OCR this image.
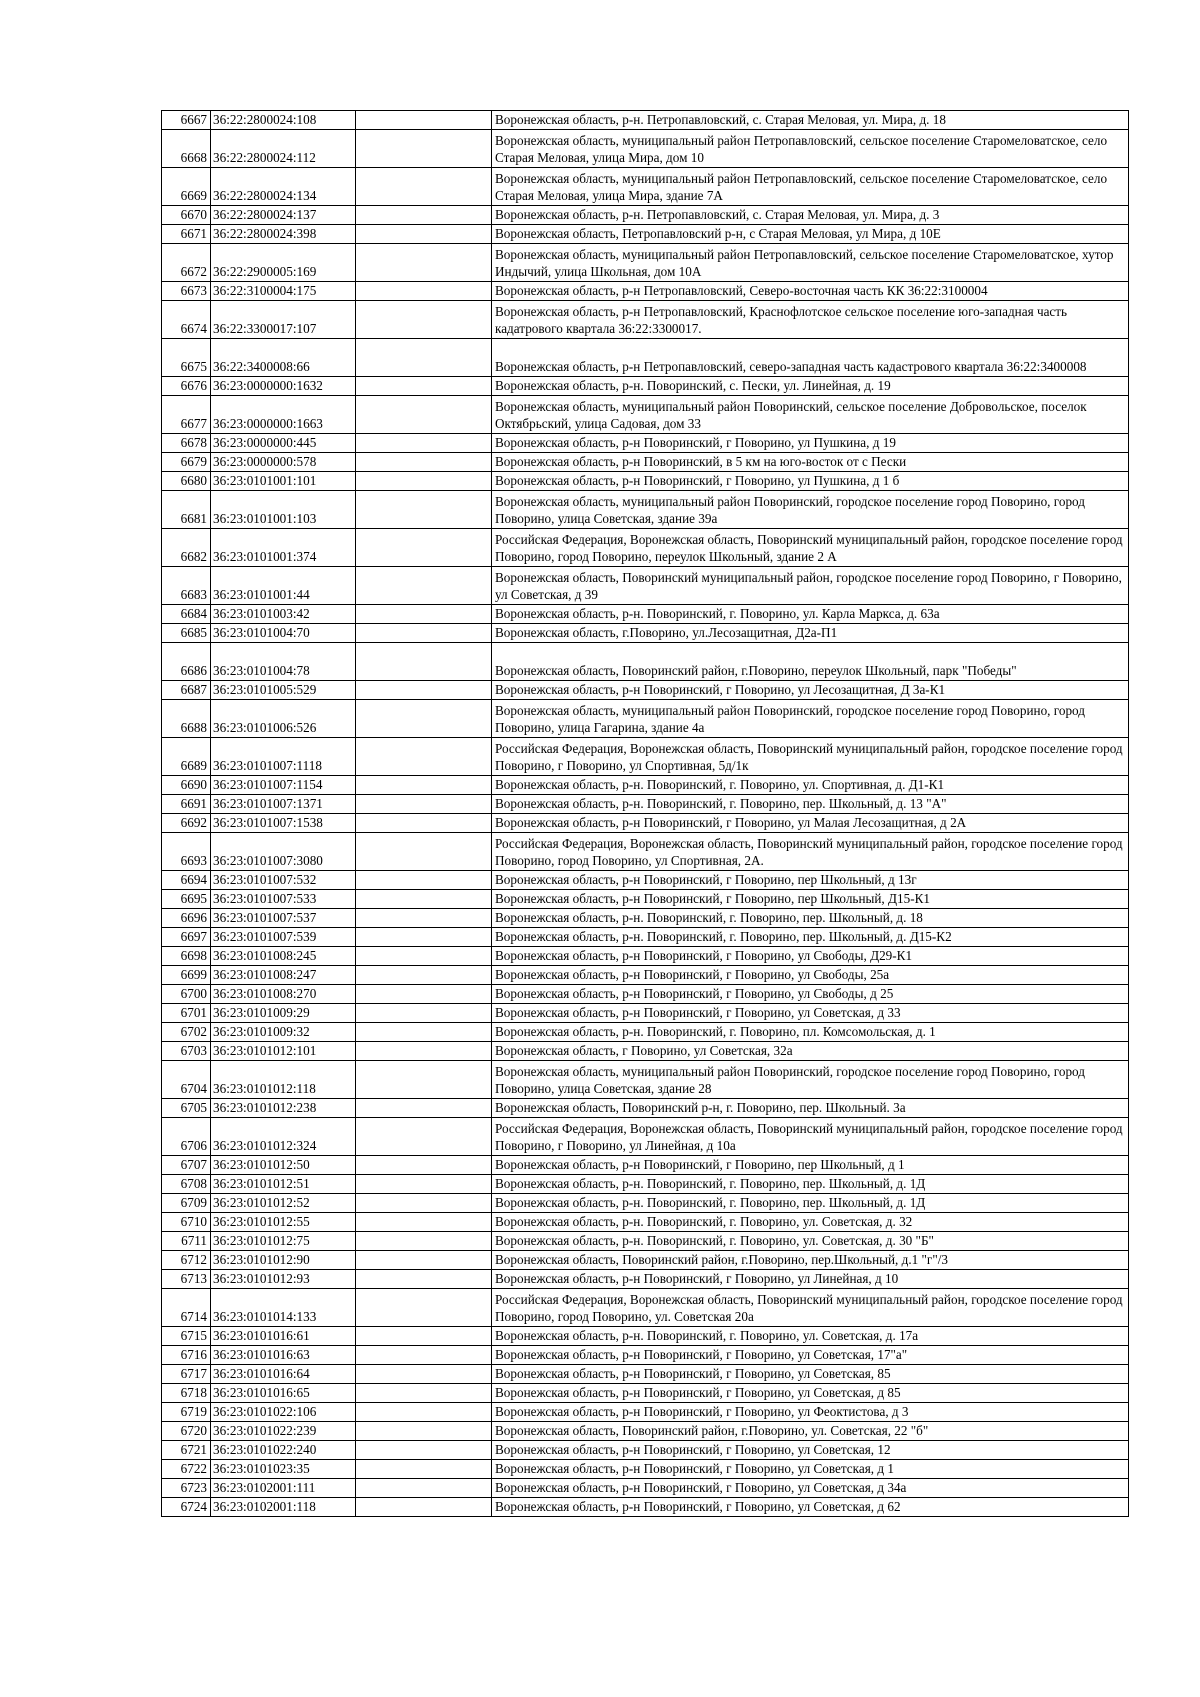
6667	36:22:2800024:108		Воронежская область, р-н. Петропавловский, с. Старая Меловая, ул. Мира, д. 18
6668	36:22:2800024:112		Воронежская область, муниципальный район Петропавловский, сельское поселение Старомеловатское, село Старая Меловая, улица Мира, дом 10
6669	36:22:2800024:134		Воронежская область, муниципальный район Петропавловский, сельское поселение Старомеловатское, село Старая Меловая, улица Мира, здание 7А
6670	36:22:2800024:137		Воронежская область, р-н. Петропавловский, с. Старая Меловая, ул. Мира, д. 3
6671	36:22:2800024:398		Воронежская область, Петропавловский р-н, с Старая Меловая, ул Мира, д 10Е
6672	36:22:2900005:169		Воронежская область, муниципальный район Петропавловский, сельское поселение Старомеловатское, хутор Индычий, улица Школьная, дом 10А
6673	36:22:3100004:175		Воронежская область, р-н Петропавловский, Северо-восточная часть КК 36:22:3100004
6674	36:22:3300017:107		Воронежская область, р-н Петропавловский, Краснофлотское сельское поселение юго-западная часть кадатрового квартала 36:22:3300017.
6675	36:22:3400008:66		Воронежская область, р-н Петропавловский, северо-западная часть кадастрового квартала 36:22:3400008
6676	36:23:0000000:1632		Воронежская область, р-н. Поворинский, с. Пески, ул. Линейная, д. 19
6677	36:23:0000000:1663		Воронежская область, муниципальный район Поворинский, сельское поселение Добровольское, поселок Октябрьский, улица Садовая, дом 33
6678	36:23:0000000:445		Воронежская область, р-н Поворинский, г Поворино, ул Пушкина, д 19
6679	36:23:0000000:578		Воронежская область, р-н Поворинский, в 5 км на юго-восток от с Пески
6680	36:23:0101001:101		Воронежская область, р-н Поворинский, г Поворино, ул Пушкина, д 1 б
6681	36:23:0101001:103		Воронежская область, муниципальный район Поворинский, городское поселение город Поворино, город Поворино, улица Советская, здание 39а
6682	36:23:0101001:374		Российская Федерация, Воронежская область, Поворинский муниципальный район, городское поселение город Поворино, город Поворино, переулок Школьный, здание 2 А
6683	36:23:0101001:44		Воронежская область, Поворинский муниципальный район, городское поселение город Поворино, г Поворино, ул Советская, д 39
6684	36:23:0101003:42		Воронежская область, р-н. Поворинский, г. Поворино, ул. Карла Маркса, д. 63а
6685	36:23:0101004:70		Воронежская область, г.Поворино, ул.Лесозащитная, Д2а-П1
6686	36:23:0101004:78		Воронежская область, Поворинский район, г.Поворино, переулок Школьный, парк "Победы"
6687	36:23:0101005:529		Воронежская область, р-н Поворинский, г Поворино, ул Лесозащитная, Д 3а-К1
6688	36:23:0101006:526		Воронежская область, муниципальный район Поворинский, городское поселение город Поворино, город Поворино, улица Гагарина, здание 4а
6689	36:23:0101007:1118		Российская Федерация, Воронежская область, Поворинский муниципальный район, городское поселение город Поворино, г Поворино, ул Спортивная, 5д/1к
6690	36:23:0101007:1154		Воронежская область, р-н. Поворинский, г. Поворино, ул. Спортивная, д. Д1-К1
6691	36:23:0101007:1371		Воронежская область, р-н. Поворинский, г. Поворино, пер. Школьный, д. 13 "А"
6692	36:23:0101007:1538		Воронежская область, р-н Поворинский, г Поворино, ул Малая Лесозащитная, д 2А
6693	36:23:0101007:3080		Российская Федерация, Воронежская область, Поворинский муниципальный район, городское поселение город Поворино, город Поворино, ул Спортивная, 2А.
6694	36:23:0101007:532		Воронежская область, р-н Поворинский, г Поворино, пер Школьный, д 13г
6695	36:23:0101007:533		Воронежская область, р-н Поворинский, г Поворино, пер Школьный, Д15-К1
6696	36:23:0101007:537		Воронежская область, р-н. Поворинский, г. Поворино, пер. Школьный, д. 18
6697	36:23:0101007:539		Воронежская область, р-н. Поворинский, г. Поворино, пер. Школьный, д. Д15-К2
6698	36:23:0101008:245		Воронежская область, р-н Поворинский, г Поворино, ул Свободы, Д29-К1
6699	36:23:0101008:247		Воронежская область, р-н Поворинский, г Поворино, ул Свободы, 25а
6700	36:23:0101008:270		Воронежская область, р-н Поворинский, г Поворино, ул Свободы, д 25
6701	36:23:0101009:29		Воронежская область, р-н Поворинский, г Поворино, ул Советская, д 33
6702	36:23:0101009:32		Воронежская область, р-н. Поворинский, г. Поворино, пл. Комсомольская, д. 1
6703	36:23:0101012:101		Воронежская область, г Поворино, ул Советская, 32а
6704	36:23:0101012:118		Воронежская область, муниципальный район Поворинский, городское поселение город Поворино, город Поворино, улица Советская, здание 28
6705	36:23:0101012:238		Воронежская область, Поворинский р-н, г. Поворино, пер. Школьный. 3а
6706	36:23:0101012:324		Российская Федерация, Воронежская область, Поворинский муниципальный район, городское поселение город Поворино, г Поворино, ул Линейная, д 10а
6707	36:23:0101012:50		Воронежская область, р-н Поворинский, г Поворино, пер Школьный, д 1
6708	36:23:0101012:51		Воронежская область, р-н. Поворинский, г. Поворино, пер. Школьный, д. 1Д
6709	36:23:0101012:52		Воронежская область, р-н. Поворинский, г. Поворино, пер. Школьный, д. 1Д
6710	36:23:0101012:55		Воронежская область, р-н. Поворинский, г. Поворино, ул. Советская, д. 32
6711	36:23:0101012:75		Воронежская область, р-н. Поворинский, г. Поворино, ул. Советская, д. 30 "Б"
6712	36:23:0101012:90		Воронежская область, Поворинский район, г.Поворино, пер.Школьный, д.1 "г"/3
6713	36:23:0101012:93		Воронежская область, р-н Поворинский, г Поворино, ул Линейная, д 10
6714	36:23:0101014:133		Российская Федерация, Воронежская область, Поворинский муниципальный район, городское поселение город Поворино, город Поворино, ул. Советская 20а
6715	36:23:0101016:61		Воронежская область, р-н. Поворинский, г. Поворино, ул. Советская, д. 17а
6716	36:23:0101016:63		Воронежская область, р-н Поворинский, г Поворино, ул Советская, 17"а"
6717	36:23:0101016:64		Воронежская область, р-н Поворинский, г Поворино, ул Советская, 85
6718	36:23:0101016:65		Воронежская область, р-н Поворинский, г Поворино, ул Советская, д 85
6719	36:23:0101022:106		Воронежская область, р-н Поворинский, г Поворино, ул Феоктистова, д 3
6720	36:23:0101022:239		Воронежская область, Поворинский район, г.Поворино, ул. Советская, 22 "б"
6721	36:23:0101022:240		Воронежская область, р-н Поворинский, г Поворино, ул Советская, 12
6722	36:23:0101023:35		Воронежская область, р-н Поворинский, г Поворино, ул Советская, д 1
6723	36:23:0102001:111		Воронежская область, р-н Поворинский, г Поворино, ул Советская, д 34а
6724	36:23:0102001:118		Воронежская область, р-н Поворинский, г Поворино, ул Советская, д 62
